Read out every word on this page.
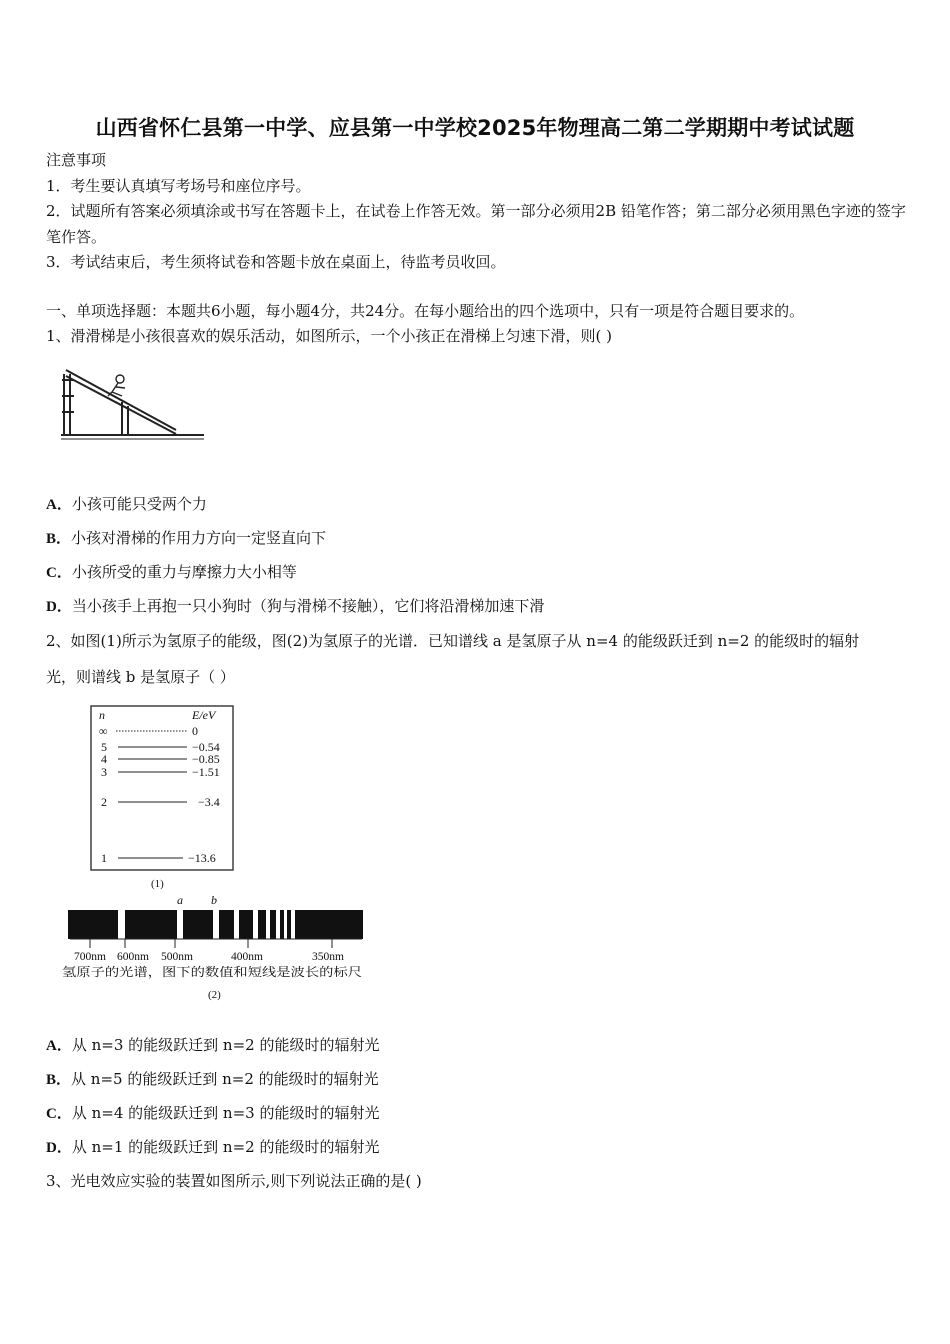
山西省怀仁县第一中学、应县第一中学校2025年物理高二第二学期期中考试试题
注意事项
1．考生要认真填写考场号和座位序号。
2．试题所有答案必须填涂或书写在答题卡上，在试卷上作答无效。第一部分必须用2B 铅笔作答；第二部分必须用黑色字迹的签字笔作答。
3．考试结束后，考生须将试卷和答题卡放在桌面上，待监考员收回。
一、单项选择题：本题共6小题，每小题4分，共24分。在每小题给出的四个选项中，只有一项是符合题目要求的。
1、滑滑梯是小孩很喜欢的娱乐活动，如图所示，一个小孩正在滑梯上匀速下滑，则( )
A．小孩可能只受两个力
B．小孩对滑梯的作用力方向一定竖直向下
C．小孩所受的重力与摩擦力大小相等
D．当小孩手上再抱一只小狗时（狗与滑梯不接触），它们将沿滑梯加速下滑
2、如图(1)所示为氢原子的能级，图(2)为氢原子的光谱．已知谱线 a 是氢原子从 n=4 的能级跃迁到 n=2 的能级时的辐射
光，则谱线 b 是氢原子（ ）
n	E/eV
∞	0
5	−0.54
4	−0.85
3	−1.51
2	−3.4
1	−13.6
(1)
a b
700nm 600nm 500nm	400nm	350nm
氢原子的光谱，图下的数值和短线是波长的标尺
(2)
A．从 n=3 的能级跃迁到 n=2 的能级时的辐射光
B．从 n=5 的能级跃迁到 n=2 的能级时的辐射光
C．从 n=4 的能级跃迁到 n=3 的能级时的辐射光
D．从 n=1 的能级跃迁到 n=2 的能级时的辐射光
3、光电效应实验的装置如图所示,则下列说法正确的是( )
